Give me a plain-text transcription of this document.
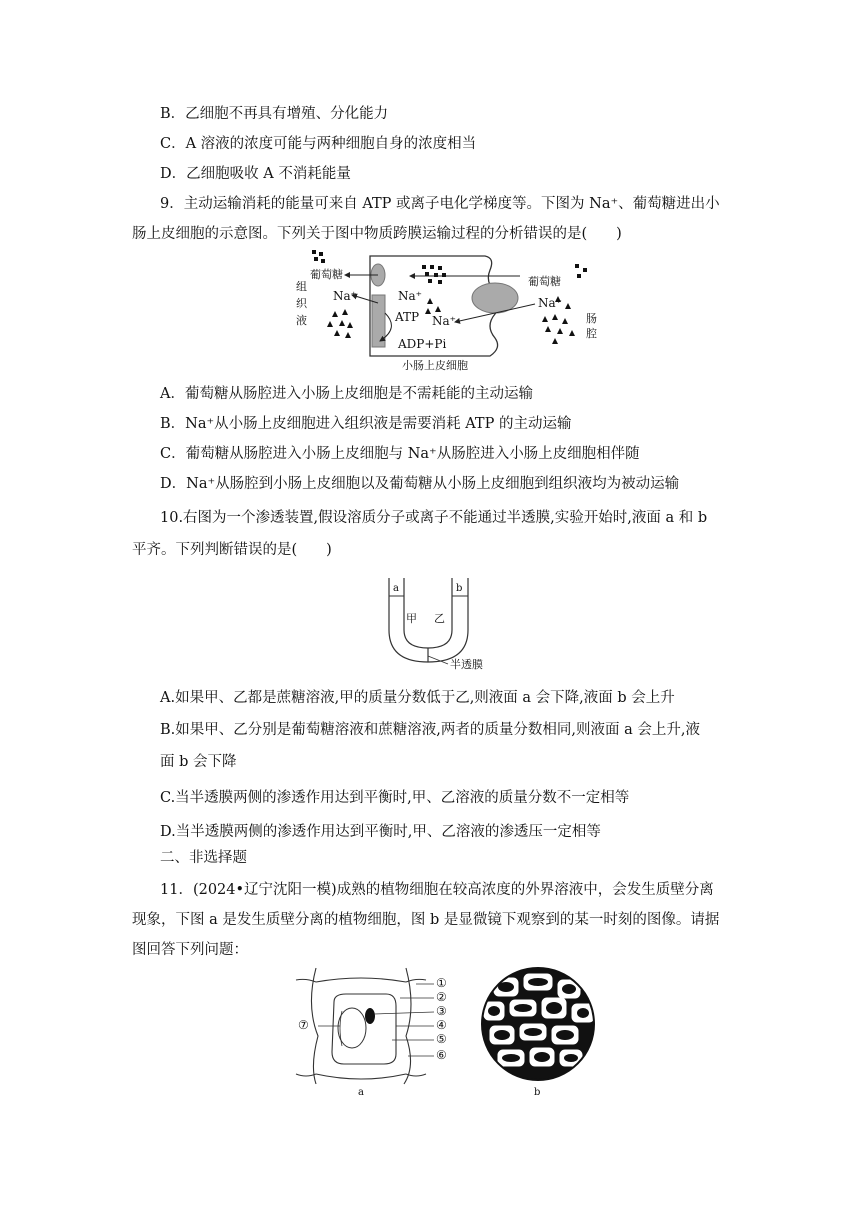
B．乙细胞不再具有增殖、分化能力
C．A 溶液的浓度可能与两种细胞自身的浓度相当
D．乙细胞吸收 A 不消耗能量
9．主动运输消耗的能量可来自 ATP 或离子电化学梯度等。下图为 Na⁺、葡萄糖进出小
肠上皮细胞的示意图。下列关于图中物质跨膜运输过程的分析错误的是(　　)
组织液
葡萄糖
Na⁺	Na⁺
ATP
ADP+Pi
Na⁺
葡萄糖
Na⁺
肠腔
小肠上皮细胞
A．葡萄糖从肠腔进入小肠上皮细胞是不需耗能的主动运输
B．Na⁺从小肠上皮细胞进入组织液是需要消耗 ATP 的主动运输
C．葡萄糖从肠腔进入小肠上皮细胞与 Na⁺从肠腔进入小肠上皮细胞相伴随
D．Na⁺从肠腔到小肠上皮细胞以及葡萄糖从小肠上皮细胞到组织液均为被动运输
10.右图为一个渗透装置,假设溶质分子或离子不能通过半透膜,实验开始时,液面 a 和 b
平齐。下列判断错误的是(　　)
a	b
甲 乙
半透膜
A.如果甲、乙都是蔗糖溶液,甲的质量分数低于乙,则液面 a 会下降,液面 b 会上升
B.如果甲、乙分别是葡萄糖溶液和蔗糖溶液,两者的质量分数相同,则液面 a 会上升,液
面 b 会下降
C.当半透膜两侧的渗透作用达到平衡时,甲、乙溶液的质量分数不一定相等
D.当半透膜两侧的渗透作用达到平衡时,甲、乙溶液的渗透压一定相等
二、非选择题
11．(2024•辽宁沈阳一模)成熟的植物细胞在较高浓度的外界溶液中，会发生质壁分离
现象，下图 a 是发生质壁分离的植物细胞，图 b 是显微镜下观察到的某一时刻的图像。请据
图回答下列问题：
①
②
③
④
⑤
⑥
⑦
a	b
